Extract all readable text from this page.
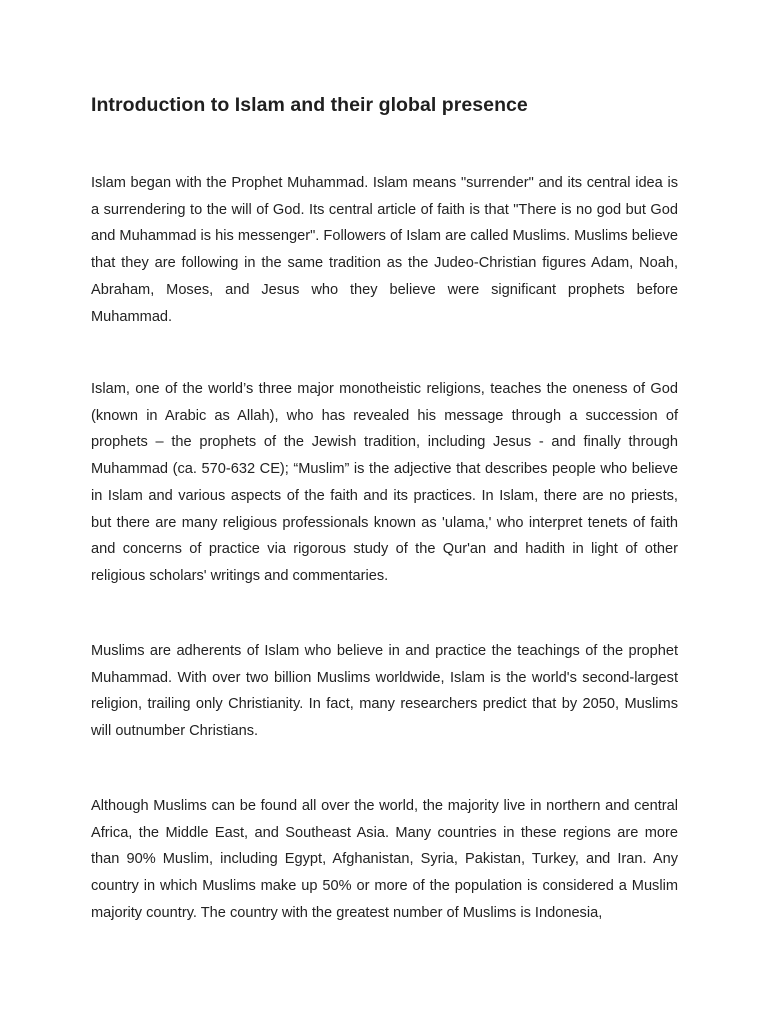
Introduction to Islam and their global presence

Islam began with the Prophet Muhammad. Islam means "surrender" and its central idea is a surrendering to the will of God. Its central article of faith is that "There is no god but God and Muhammad is his messenger". Followers of Islam are called Muslims. Muslims believe that they are following in the same tradition as the Judeo-Christian figures Adam, Noah, Abraham, Moses, and Jesus who they believe were significant prophets before Muhammad.

Islam, one of the world’s three major monotheistic religions, teaches the oneness of God (known in Arabic as Allah), who has revealed his message through a succession of prophets – the prophets of the Jewish tradition, including Jesus - and finally through Muhammad (ca. 570-632 CE); “Muslim” is the adjective that describes people who believe in Islam and various aspects of the faith and its practices. In Islam, there are no priests, but there are many religious professionals known as 'ulama,' who interpret tenets of faith and concerns of practice via rigorous study of the Qur'an and hadith in light of other religious scholars' writings and commentaries.

Muslims are adherents of Islam who believe in and practice the teachings of the prophet Muhammad. With over two billion Muslims worldwide, Islam is the world's second-largest religion, trailing only Christianity. In fact, many researchers predict that by 2050, Muslims will outnumber Christians.

Although Muslims can be found all over the world, the majority live in northern and central Africa, the Middle East, and Southeast Asia. Many countries in these regions are more than 90% Muslim, including Egypt, Afghanistan, Syria, Pakistan, Turkey, and Iran. Any country in which Muslims make up 50% or more of the population is considered a Muslim majority country. The country with the greatest number of Muslims is Indonesia,
